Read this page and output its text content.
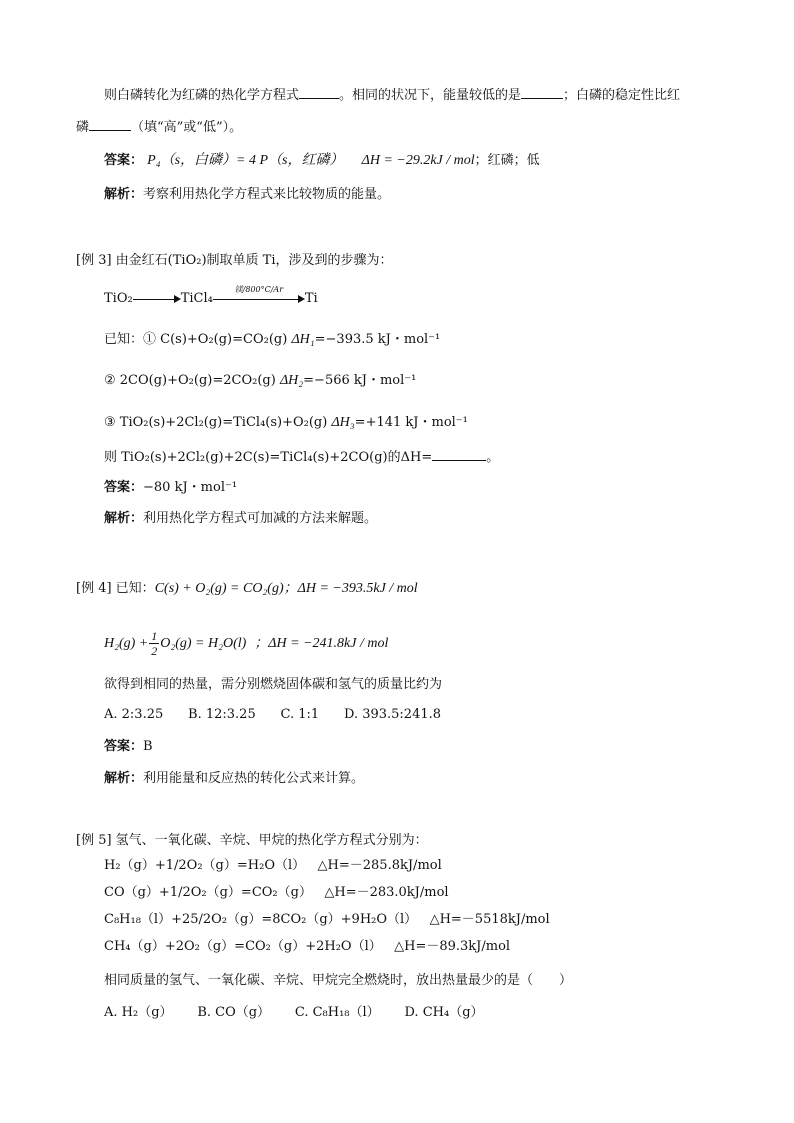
则白磷转化为红磷的热化学方程式	。相同的状况下，能量较低的是	；白磷的稳定性比红
磷	（填“高”或“低”）。
答案： P₄（s，白磷）= 4 P（s，红磷） ΔH = −29.2kJ / mol；红磷；低
解析：考察利用热化学方程式来比较物质的能量。
[例 3] 由金红石(TiO₂)制取单质 Ti，涉及到的步骤为：
TiO₂	TiCl₄
镁/800°C/Ar
Ti
已知：① C(s)+O₂(g)=CO₂(g) ΔH₁=−393.5 kJ・mol⁻¹
② 2CO(g)+O₂(g)=2CO₂(g) ΔH₂=−566 kJ・mol⁻¹
③ TiO₂(s)+2Cl₂(g)=TiCl₄(s)+O₂(g) ΔH₃=+141 kJ・mol⁻¹
则 TiO₂(s)+2Cl₂(g)+2C(s)=TiCl₄(s)+2CO(g)的ΔH=	。
答案：−80 kJ・mol⁻¹
解析：利用热化学方程式可加减的方法来解题。
[例 4] 已知：C(s) + O₂(g) = CO₂(g)；ΔH = −393.5kJ / mol
$H_2(g) + \frac{1}{2} O_2(g) = H_2O(l)$ ；ΔH = −241.8kJ / mol
欲得到相同的热量，需分别燃烧固体碳和氢气的质量比约为
A. 2:3.25      B. 12:3.25      C. 1:1      D. 393.5:241.8
答案：B
解析：利用能量和反应热的转化公式来计算。
[例 5] 氢气、一氧化碳、辛烷、甲烷的热化学方程式分别为：
H₂（g）+1/2O₂（g）=H₂O（l）   △H=－285.8kJ/mol
CO（g）+1/2O₂（g）=CO₂（g）   △H=－283.0kJ/mol
C₈H₁₈（l）+25/2O₂（g）=8CO₂（g）+9H₂O（l）   △H=－5518kJ/mol
CH₄（g）+2O₂（g）=CO₂（g）+2H₂O（l）   △H=－89.3kJ/mol
相同质量的氢气、一氧化碳、辛烷、甲烷完全燃烧时，放出热量最少的是（　　）
A. H₂（g）      B. CO（g）      C. C₈H₁₈（l）      D. CH₄（g）
